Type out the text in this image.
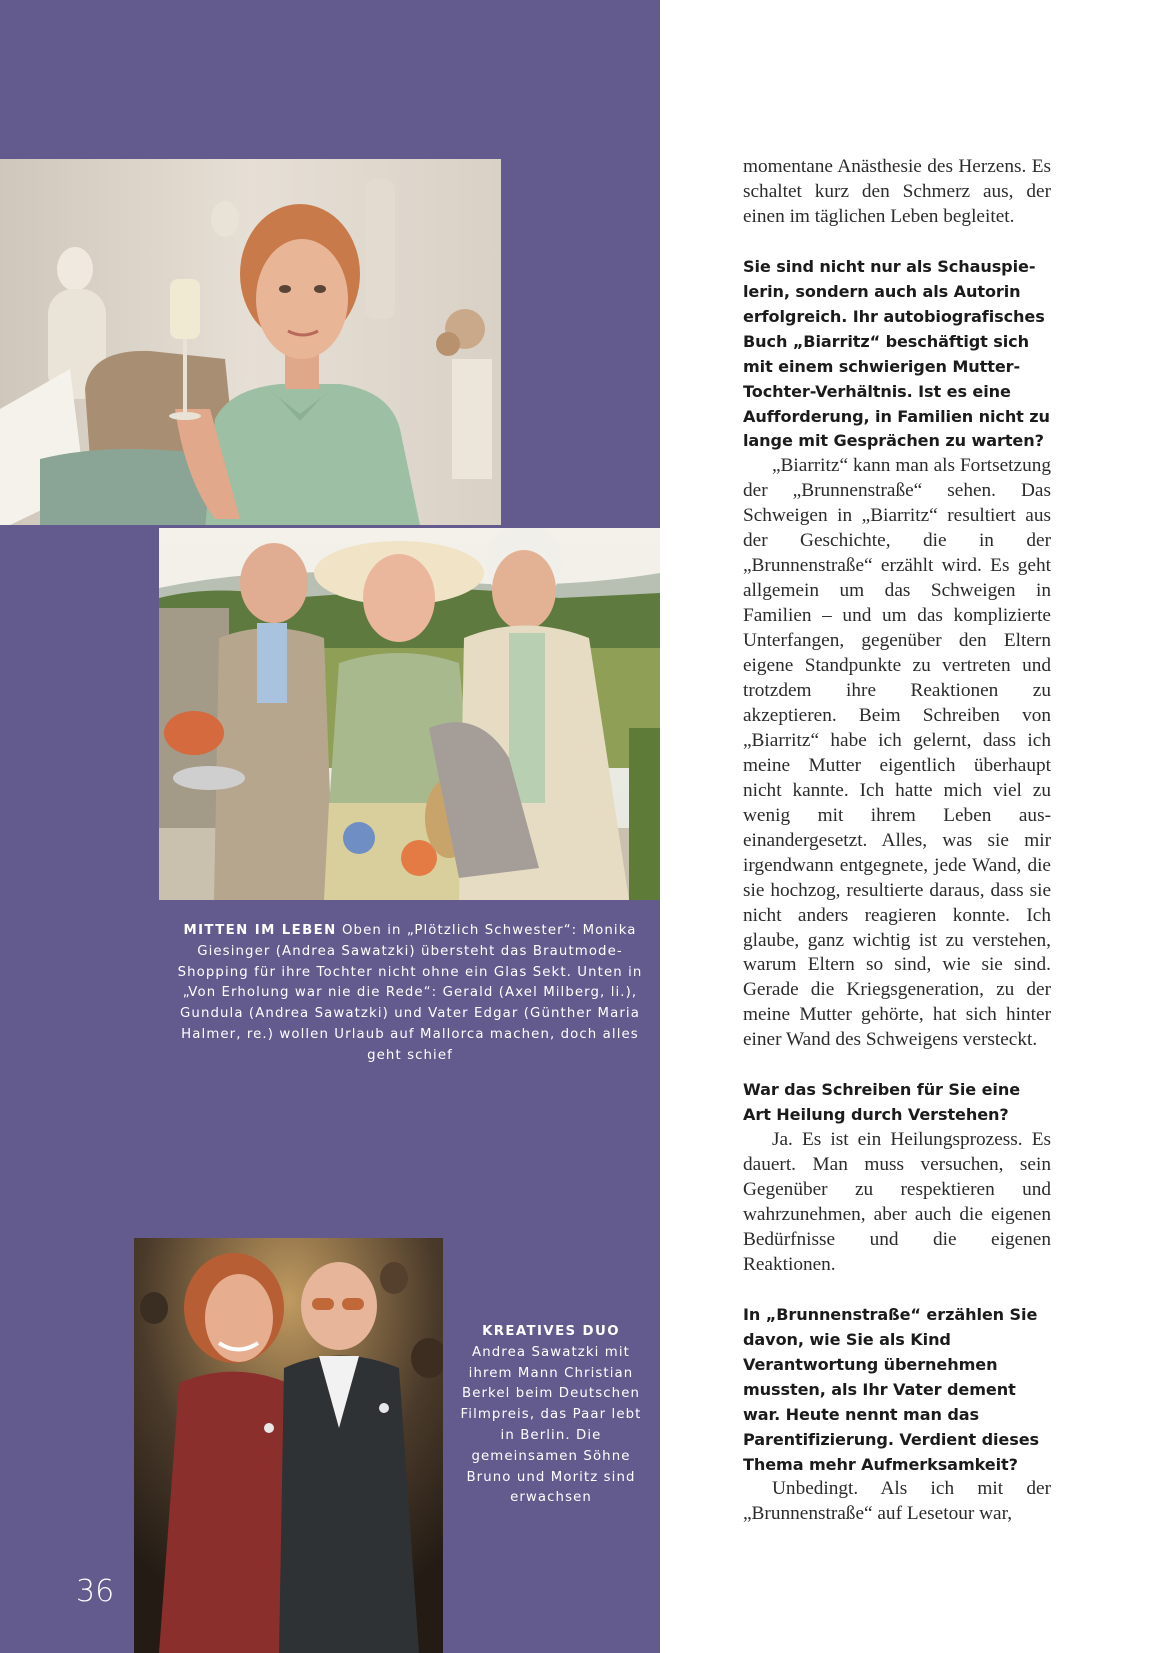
MITTEN IM LEBEN Oben in „Plötzlich Schwester“: Monika Giesinger (Andrea Sawatzki) übersteht das Brautmode-Shopping für ihre Tochter nicht ohne ein Glas Sekt. Unten in „Von Erholung war nie die Rede“: Gerald (Axel Milberg, li.), Gundula (Andrea Sawatzki) und Vater Edgar (Günther Maria Halmer, re.) wollen Urlaub auf Mallorca machen, doch alles geht schief
KREATIVES DUO
Andrea Sawatzki mit ihrem Mann Christian Berkel beim Deutschen Filmpreis, das Paar lebt in Berlin. Die gemeinsamen Söhne Bruno und Moritz sind erwachsen
36

momentane Anästhesie des Herzens. Es schaltet kurz den Schmerz aus, der einen im täglichen Leben begleitet.

Sie sind nicht nur als Schauspielerin, sondern auch als Autorin erfolgreich. Ihr autobiografisches Buch „Biarritz“ beschäftigt sich mit einem schwierigen Mutter-Tochter-Verhältnis. Ist es eine Aufforderung, in Familien nicht zu lange mit Gesprächen zu warten?

„Biarritz“ kann man als Fortsetzung der „Brunnenstraße“ sehen. Das Schweigen in „Biarritz“ resultiert aus der Geschichte, die in der „Brunnenstraße“ erzählt wird. Es geht allgemein um das Schweigen in Familien – und um das komplizierte Unterfangen, gegenüber den Eltern eigene Standpunkte zu vertreten und trotzdem ihre Reaktionen zu akzeptieren. Beim Schreiben von „Biarritz“ habe ich gelernt, dass ich meine Mutter eigentlich überhaupt nicht kannte. Ich hatte mich viel zu wenig mit ihrem Leben auseinandergesetzt. Alles, was sie mir irgendwann entgegnete, jede Wand, die sie hochzog, resultierte daraus, dass sie nicht anders reagieren konnte. Ich glaube, ganz wichtig ist zu verstehen, warum Eltern so sind, wie sie sind. Gerade die Kriegsgeneration, zu der meine Mutter gehörte, hat sich hinter einer Wand des Schweigens versteckt.

War das Schreiben für Sie eine Art Heilung durch Verstehen?

Ja. Es ist ein Heilungsprozess. Es dauert. Man muss versuchen, sein Gegenüber zu respektieren und wahrzunehmen, aber auch die eigenen Bedürfnisse und die eigenen Reaktionen.

In „Brunnenstraße“ erzählen Sie davon, wie Sie als Kind Verantwortung übernehmen mussten, als Ihr Vater dement war. Heute nennt man das Parentifizierung. Verdient dieses Thema mehr Aufmerksamkeit?

Unbedingt. Als ich mit der „Brunnenstraße“ auf Lesetour war,
